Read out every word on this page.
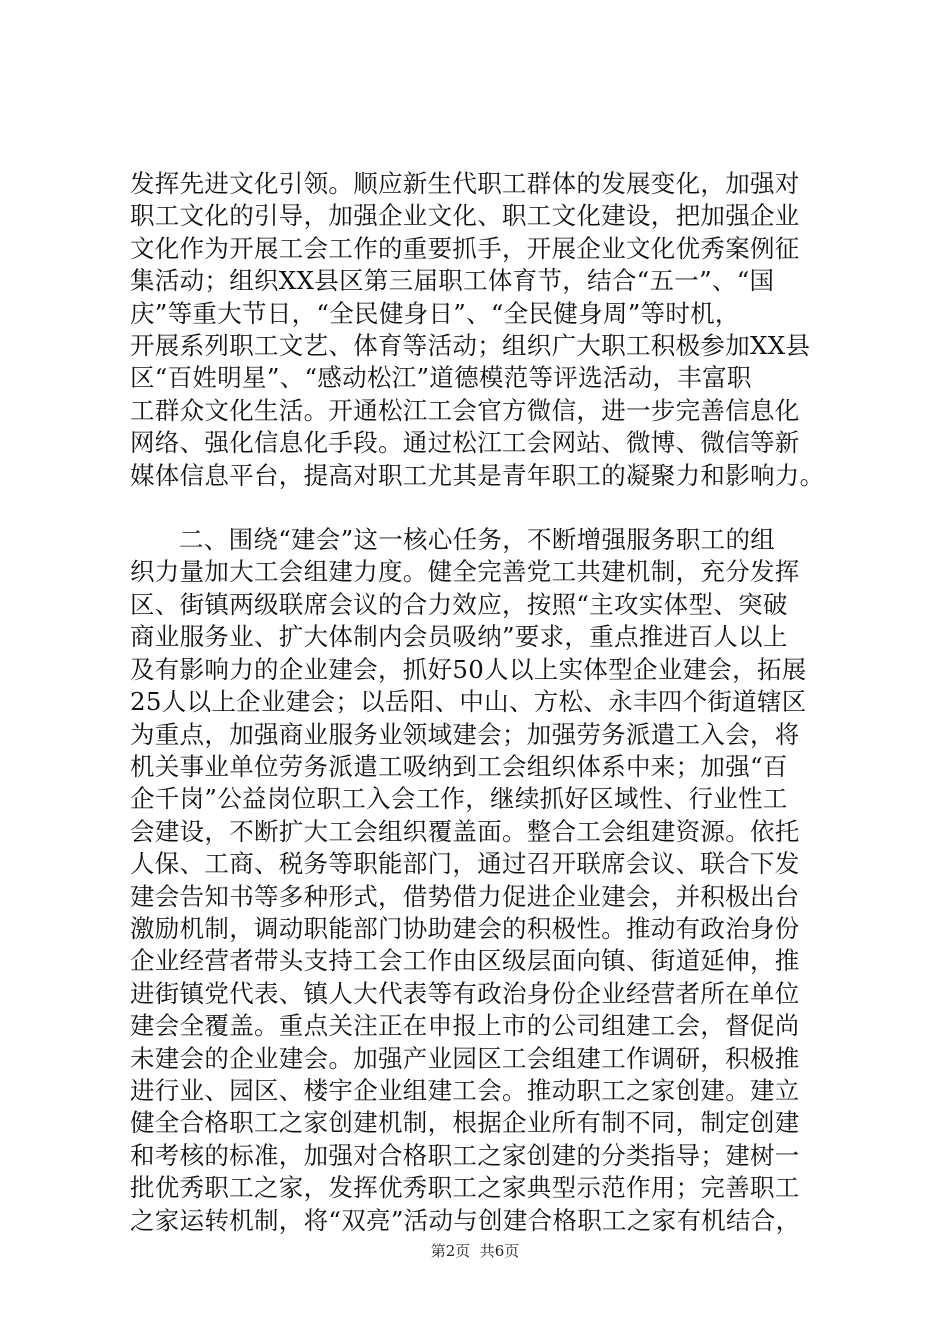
发挥先进文化引领。顺应新生代职工群体的发展变化，加强对
职工文化的引导，加强企业文化、职工文化建设，把加强企业
文化作为开展工会工作的重要抓手，开展企业文化优秀案例征
集活动；组织XX县区第三届职工体育节，结合“五一”、“国
庆”等重大节日，“全民健身日”、“全民健身周”等时机，
开展系列职工文艺、体育等活动；组织广大职工积极参加XX县
区“百姓明星”、“感动松江”道德模范等评选活动，丰富职
工群众文化生活。开通松江工会官方微信，进一步完善信息化
网络、强化信息化手段。通过松江工会网站、微博、微信等新
媒体信息平台，提高对职工尤其是青年职工的凝聚力和影响力。
二、围绕“建会”这一核心任务，不断增强服务职工的组
织力量加大工会组建力度。健全完善党工共建机制，充分发挥
区、街镇两级联席会议的合力效应，按照“主攻实体型、突破
商业服务业、扩大体制内会员吸纳”要求，重点推进百人以上
及有影响力的企业建会，抓好50人以上实体型企业建会，拓展
25人以上企业建会；以岳阳、中山、方松、永丰四个街道辖区
为重点，加强商业服务业领域建会；加强劳务派遣工入会，将
机关事业单位劳务派遣工吸纳到工会组织体系中来；加强“百
企千岗”公益岗位职工入会工作，继续抓好区域性、行业性工
会建设，不断扩大工会组织覆盖面。整合工会组建资源。依托
人保、工商、税务等职能部门，通过召开联席会议、联合下发
建会告知书等多种形式，借势借力促进企业建会，并积极出台
激励机制，调动职能部门协助建会的积极性。推动有政治身份
企业经营者带头支持工会工作由区级层面向镇、街道延伸，推
进街镇党代表、镇人大代表等有政治身份企业经营者所在单位
建会全覆盖。重点关注正在申报上市的公司组建工会，督促尚
未建会的企业建会。加强产业园区工会组建工作调研，积极推
进行业、园区、楼宇企业组建工会。推动职工之家创建。建立
健全合格职工之家创建机制，根据企业所有制不同，制定创建
和考核的标准，加强对合格职工之家创建的分类指导；建树一
批优秀职工之家，发挥优秀职工之家典型示范作用；完善职工
之家运转机制，将“双亮”活动与创建合格职工之家有机结合，
第2页  共6页
